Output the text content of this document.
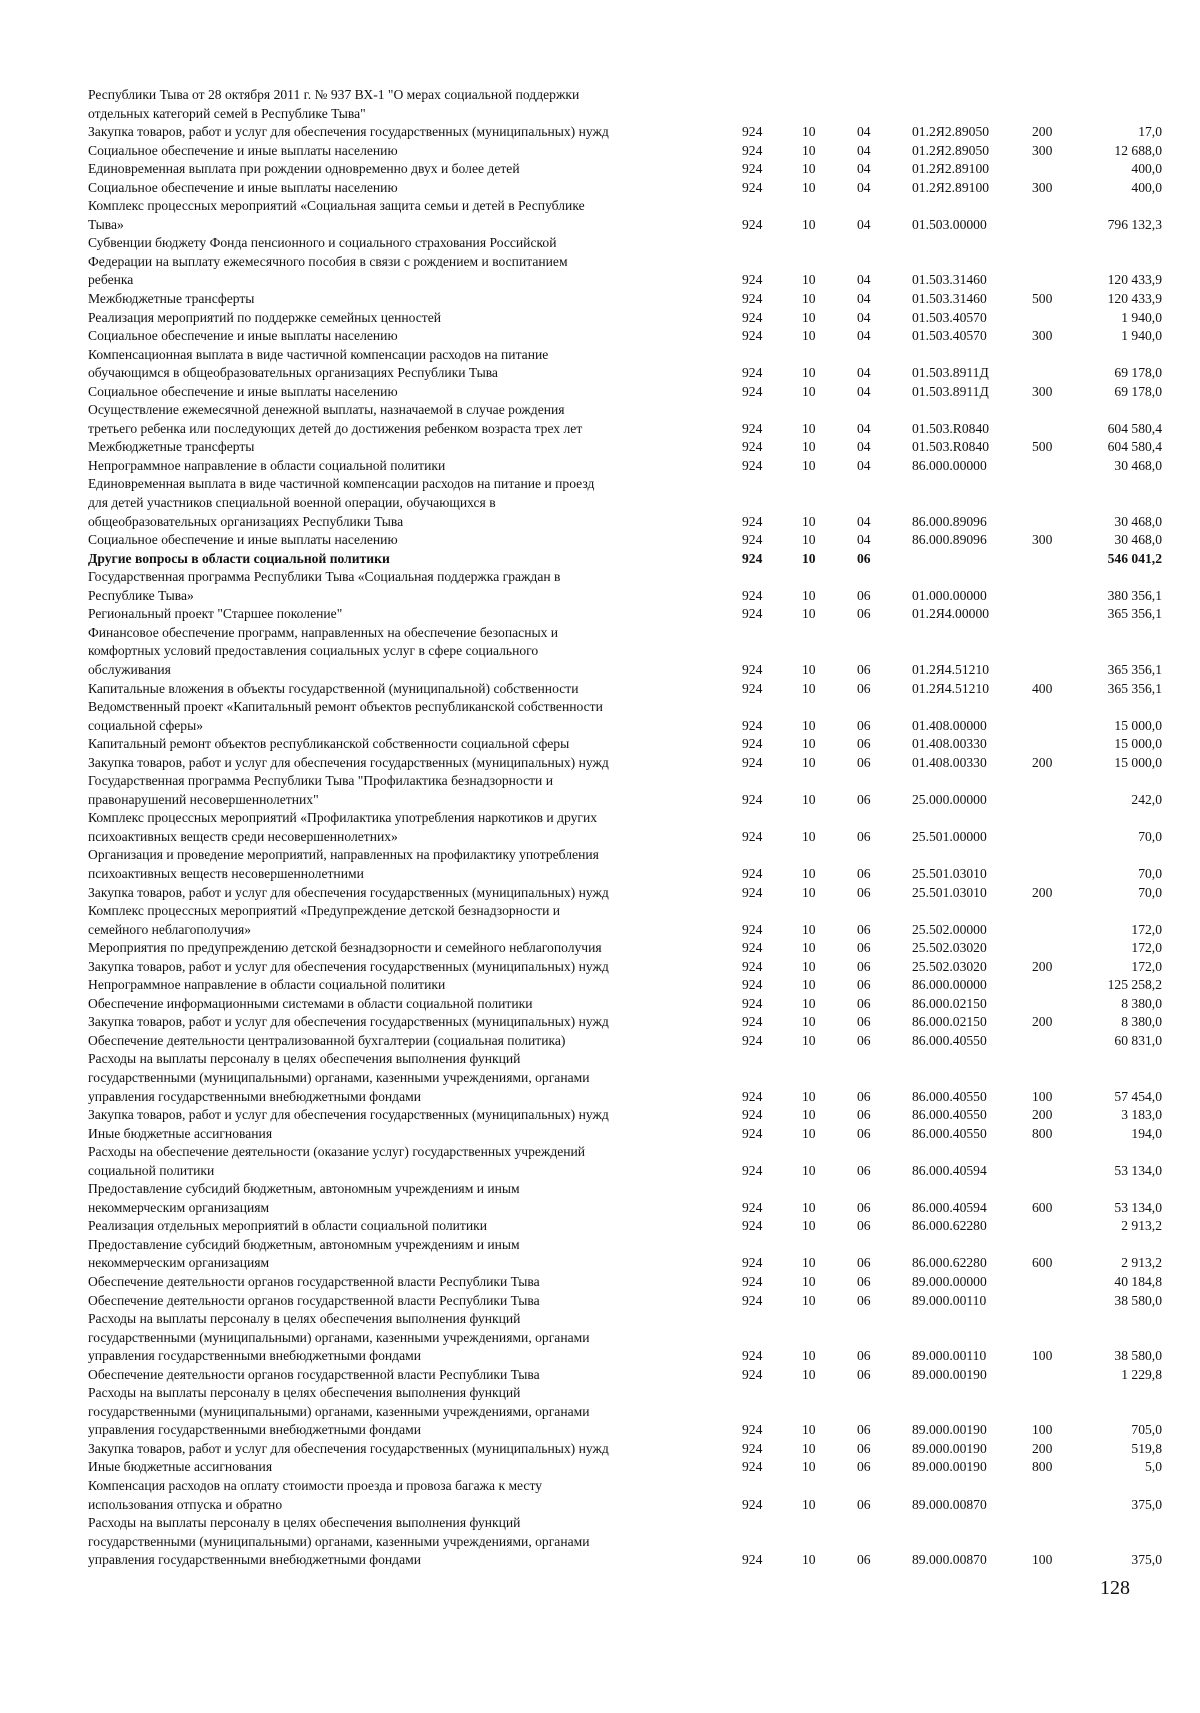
Республики Тыва от 28 октября 2011 г. № 937 ВХ-1 "О мерах социальной поддержки
отдельных категорий семей в Республике Тыва"						
Закупка товаров, работ и услуг для обеспечения государственных (муниципальных) нужд	924	10	04	01.2Я2.89050	200	17,0
Социальное обеспечение и иные выплаты населению	924	10	04	01.2Я2.89050	300	12 688,0
Единовременная выплата при рождении одновременно двух и более детей	924	10	04	01.2Я2.89100		400,0
Социальное обеспечение и иные выплаты населению	924	10	04	01.2Я2.89100	300	400,0
Комплекс процессных мероприятий «Социальная защита семьи и детей в Республике
Тыва»	924	10	04	01.503.00000		796 132,3
Субвенции бюджету Фонда пенсионного и социального страхования Российской
Федерации на выплату ежемесячного пособия в связи с рождением и воспитанием
ребенка	924	10	04	01.503.31460		120 433,9
Межбюджетные трансферты	924	10	04	01.503.31460	500	120 433,9
Реализация мероприятий по поддержке семейных ценностей	924	10	04	01.503.40570		1 940,0
Социальное обеспечение и иные выплаты населению	924	10	04	01.503.40570	300	1 940,0
Компенсационная выплата в виде частичной компенсации расходов на питание
обучающимся в общеобразовательных организациях Республики Тыва	924	10	04	01.503.8911Д		69 178,0
Социальное обеспечение и иные выплаты населению	924	10	04	01.503.8911Д	300	69 178,0
Осуществление ежемесячной денежной выплаты, назначаемой в случае рождения
третьего ребенка или последующих детей до достижения ребенком возраста трех лет	924	10	04	01.503.R0840		604 580,4
Межбюджетные трансферты	924	10	04	01.503.R0840	500	604 580,4
Непрограммное направление в области социальной политики	924	10	04	86.000.00000		30 468,0
Единовременная выплата в виде частичной компенсации расходов на питание и проезд
для детей участников специальной военной операции, обучающихся в
общеобразовательных организациях Республики Тыва	924	10	04	86.000.89096		30 468,0
Социальное обеспечение и иные выплаты населению	924	10	04	86.000.89096	300	30 468,0
Другие вопросы в области социальной политики	924	10	06			546 041,2
Государственная программа Республики Тыва «Социальная поддержка граждан в
Республике Тыва»	924	10	06	01.000.00000		380 356,1
Региональный проект "Старшее поколение"	924	10	06	01.2Я4.00000		365 356,1
Финансовое обеспечение программ, направленных на обеспечение безопасных и
комфортных условий предоставления социальных услуг в сфере социального
обслуживания	924	10	06	01.2Я4.51210		365 356,1
Капитальные вложения в объекты государственной (муниципальной) собственности	924	10	06	01.2Я4.51210	400	365 356,1
Ведомственный проект «Капитальный ремонт объектов республиканской собственности
социальной сферы»	924	10	06	01.408.00000		15 000,0
Капитальный ремонт объектов республиканской собственности социальной сферы	924	10	06	01.408.00330		15 000,0
Закупка товаров, работ и услуг для обеспечения государственных (муниципальных) нужд	924	10	06	01.408.00330	200	15 000,0
Государственная программа Республики Тыва "Профилактика безнадзорности и
правонарушений несовершеннолетних"	924	10	06	25.000.00000		242,0
Комплекс процессных мероприятий «Профилактика употребления наркотиков и других
психоактивных веществ среди несовершеннолетних»	924	10	06	25.501.00000		70,0
Организация и проведение мероприятий, направленных на профилактику употребления
психоактивных веществ несовершеннолетними	924	10	06	25.501.03010		70,0
Закупка товаров, работ и услуг для обеспечения государственных (муниципальных) нужд	924	10	06	25.501.03010	200	70,0
Комплекс процессных мероприятий «Предупреждение детской безнадзорности и
семейного неблагополучия»	924	10	06	25.502.00000		172,0
Мероприятия по предупреждению детской безнадзорности и семейного неблагополучия	924	10	06	25.502.03020		172,0
Закупка товаров, работ и услуг для обеспечения государственных (муниципальных) нужд	924	10	06	25.502.03020	200	172,0
Непрограммное направление в области социальной политики	924	10	06	86.000.00000		125 258,2
Обеспечение информационными системами в области социальной политики	924	10	06	86.000.02150		8 380,0
Закупка товаров, работ и услуг для обеспечения государственных (муниципальных) нужд	924	10	06	86.000.02150	200	8 380,0
Обеспечение деятельности централизованной бухгалтерии (социальная политика)	924	10	06	86.000.40550		60 831,0
Расходы на выплаты персоналу в целях обеспечения выполнения функций
государственными (муниципальными) органами, казенными учреждениями, органами
управления государственными внебюджетными фондами	924	10	06	86.000.40550	100	57 454,0
Закупка товаров, работ и услуг для обеспечения государственных (муниципальных) нужд	924	10	06	86.000.40550	200	3 183,0
Иные бюджетные ассигнования	924	10	06	86.000.40550	800	194,0
Расходы на обеспечение деятельности (оказание услуг) государственных учреждений
социальной политики	924	10	06	86.000.40594		53 134,0
Предоставление субсидий бюджетным, автономным учреждениям и иным
некоммерческим организациям	924	10	06	86.000.40594	600	53 134,0
Реализация отдельных мероприятий в области социальной политики	924	10	06	86.000.62280		2 913,2
Предоставление субсидий бюджетным, автономным учреждениям и иным
некоммерческим организациям	924	10	06	86.000.62280	600	2 913,2
Обеспечение деятельности органов государственной власти Республики Тыва	924	10	06	89.000.00000		40 184,8
Обеспечение деятельности органов государственной власти Республики Тыва	924	10	06	89.000.00110		38 580,0
Расходы на выплаты персоналу в целях обеспечения выполнения функций
государственными (муниципальными) органами, казенными учреждениями, органами
управления государственными внебюджетными фондами	924	10	06	89.000.00110	100	38 580,0
Обеспечение деятельности органов государственной власти Республики Тыва	924	10	06	89.000.00190		1 229,8
Расходы на выплаты персоналу в целях обеспечения выполнения функций
государственными (муниципальными) органами, казенными учреждениями, органами
управления государственными внебюджетными фондами	924	10	06	89.000.00190	100	705,0
Закупка товаров, работ и услуг для обеспечения государственных (муниципальных) нужд	924	10	06	89.000.00190	200	519,8
Иные бюджетные ассигнования	924	10	06	89.000.00190	800	5,0
Компенсация расходов на оплату стоимости проезда и провоза багажа к месту
использования отпуска и обратно	924	10	06	89.000.00870		375,0
Расходы на выплаты персоналу в целях обеспечения выполнения функций
государственными (муниципальными) органами, казенными учреждениями, органами
управления государственными внебюджетными фондами	924	10	06	89.000.00870	100	375,0
128
